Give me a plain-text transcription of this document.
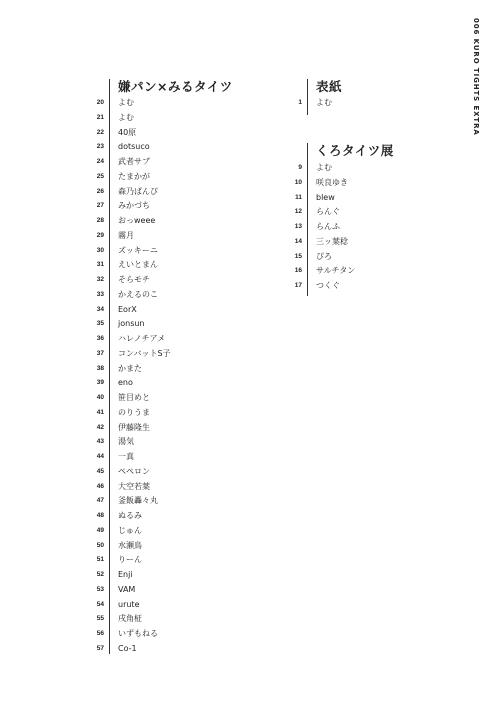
006 KURO TIGHTS EXTRA
嫌パン×みるタイツ
20 よむ
21 よむ
22 40原
23 dotsuco
24 武者サブ
25 たまかが
26 森乃ぱんぴ
27 みかづち
28 おっweee
29 霧月
30 ズッキーニ
31 えいとまん
32 そらモチ
33 かえるのこ
34 EorX
35 jonsun
36 ハレノチアメ
37 コンバットS子
38 かまた
39 eno
40 笹目めと
41 のりうま
42 伊藤隆生
43 湯気
44 一真
45 ペペロン
46 大空若葉
47 釜飯轟々丸
48 ぬるみ
49 じゅん
50 水瀬鳥
51 りーん
52 Enji
53 VAM
54 urute
55 戌角柾
56 いずもねる
57 Co-1
表紙
1 よむ
くろタイツ展
9 よむ
10 咲良ゆき
11 blew
12 らんぐ
13 らんふ
14 三ッ葉稔
15 ぴろ
16 サルチタン
17 つくぐ
